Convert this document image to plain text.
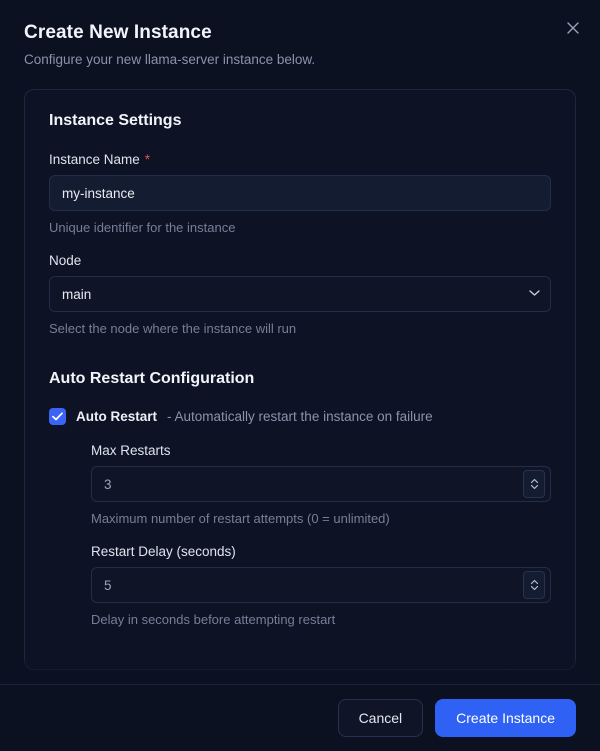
Create New Instance

Configure your new llama-server instance below.

Instance Settings
Instance Name *
my-instance
Unique identifier for the instance
Node
main
Select the node where the instance will run
Auto Restart Configuration
Auto Restart - Automatically restart the instance on failure
Max Restarts
3
Maximum number of restart attempts (0 = unlimited)
Restart Delay (seconds)
5
Delay in seconds before attempting restart
Cancel	Create Instance
